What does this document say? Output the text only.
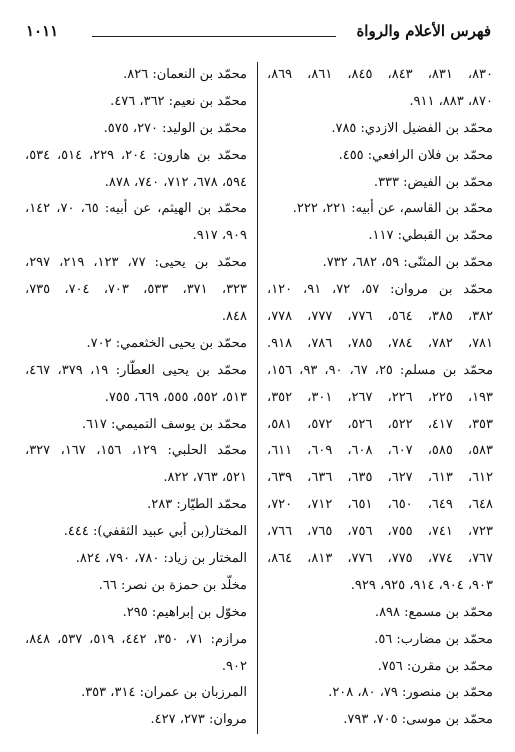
فهرس الأعلام والرواة
١٠١١
٨٣٠، ٨٣١، ٨٤٣، ٨٤٥، ٨٦١، ٨٦٩،
٨٧٠، ٨٨٣، ٩١١.
محمّد بن الفضيل الازدي: ٧٨٥.
محمّد بن فلان الرافعي: ٤٥٥.
محمّد بن الفيض: ٣٣٣.
محمّد بن القاسم، عن أبيه: ٢٢١، ٢٢٢.
محمّد بن القبطي: ١١٧.
محمّد بن المثنّى: ٥٩، ٦٨٢، ٧٣٢.
محمّد بن مروان: ٥٧، ٧٢، ٩١، ١٢٠،
٣٨٢، ٣٨٥، ٥٦٤، ٧٧٦، ٧٧٧، ٧٧٨،
٧٨١، ٧٨٢، ٧٨٤، ٧٨٥، ٧٨٦، ٩١٨.
محمّد بن مسلم: ٢٥، ٦٧، ٩٠، ٩٣، ١٥٦،
١٩٣، ٢٢٥، ٢٢٦، ٢٦٧، ٣٠١، ٣٥٢،
٣٥٣، ٤١٧، ٥٢٢، ٥٢٦، ٥٧٢، ٥٨١،
٥٨٣، ٥٨٥، ٦٠٧، ٦٠٨، ٦٠٩، ٦١١،
٦١٢، ٦١٣، ٦٢٧، ٦٣٥، ٦٣٦، ٦٣٩،
٦٤٨، ٦٤٩، ٦٥٠، ٦٥١، ٧١٢، ٧٢٠،
٧٢٣، ٧٤١، ٧٥٥، ٧٥٦، ٧٦٥، ٧٦٦،
٧٦٧، ٧٧٤، ٧٧٥، ٧٧٦، ٨١٣، ٨٦٤،
٩٠٣، ٩٠٤، ٩١٤، ٩٢٥، ٩٢٩.
محمّد بن مسمع: ٨٩٨.
محمّد بن مضارب: ٥٦.
محمّد بن مقرن: ٧٥٦.
محمّد بن منصور: ٧٩، ٨٠، ٢٠٨.
محمّد بن موسى: ٧٠٥، ٧٩٣.
محمّد بن النعمان: ٨٢٦.
محمّد بن نعيم: ٣٦٢، ٤٧٦.
محمّد بن الوليد: ٢٧٠، ٥٧٥.
محمّد بن هارون: ٢٠٤، ٢٢٩، ٥١٤، ٥٣٤،
٥٩٤، ٦٧٨، ٧١٢، ٧٤٠، ٨٧٨.
محمّد بن الهيثم، عن أبيه: ٦٥، ٧٠، ١٤٢،
٩٠٩، ٩١٧.
محمّد بن يحيى: ٧٧، ١٢٣، ٢١٩، ٢٩٧،
٣٢٣، ٣٧١، ٥٣٣، ٧٠٣، ٧٠٤، ٧٣٥،
٨٤٨.
محمّد بن يحيى الخثعمي: ٧٠٢.
محمّد بن يحيى العطّار: ١٩، ٣٧٩، ٤٦٧،
٥١٣، ٥٥٢، ٥٥٥، ٦٦٩، ٧٥٥.
محمّد بن يوسف التميمي: ٦١٧.
محمّد الحلبي: ١٢٩، ١٥٦، ١٦٧، ٣٢٧،
٥٢١، ٧٦٣، ٨٢٢.
محمّد الطيّار: ٢٨٣.
المختار(بن أبي عبيد الثقفي): ٤٤٤.
المختار بن زياد: ٧٨٠، ٧٩٠، ٨٢٤.
مخلّد بن حمزة بن نصر: ٦٦.
مخوّل بن إبراهيم: ٢٩٥.
مرازم: ٧١، ٣٥٠، ٤٤٢، ٥١٩، ٥٣٧، ٨٤٨،
٩٠٢.
المرزبان بن عمران: ٣١٤، ٣٥٣.
مروان: ٢٧٣، ٤٢٧.
